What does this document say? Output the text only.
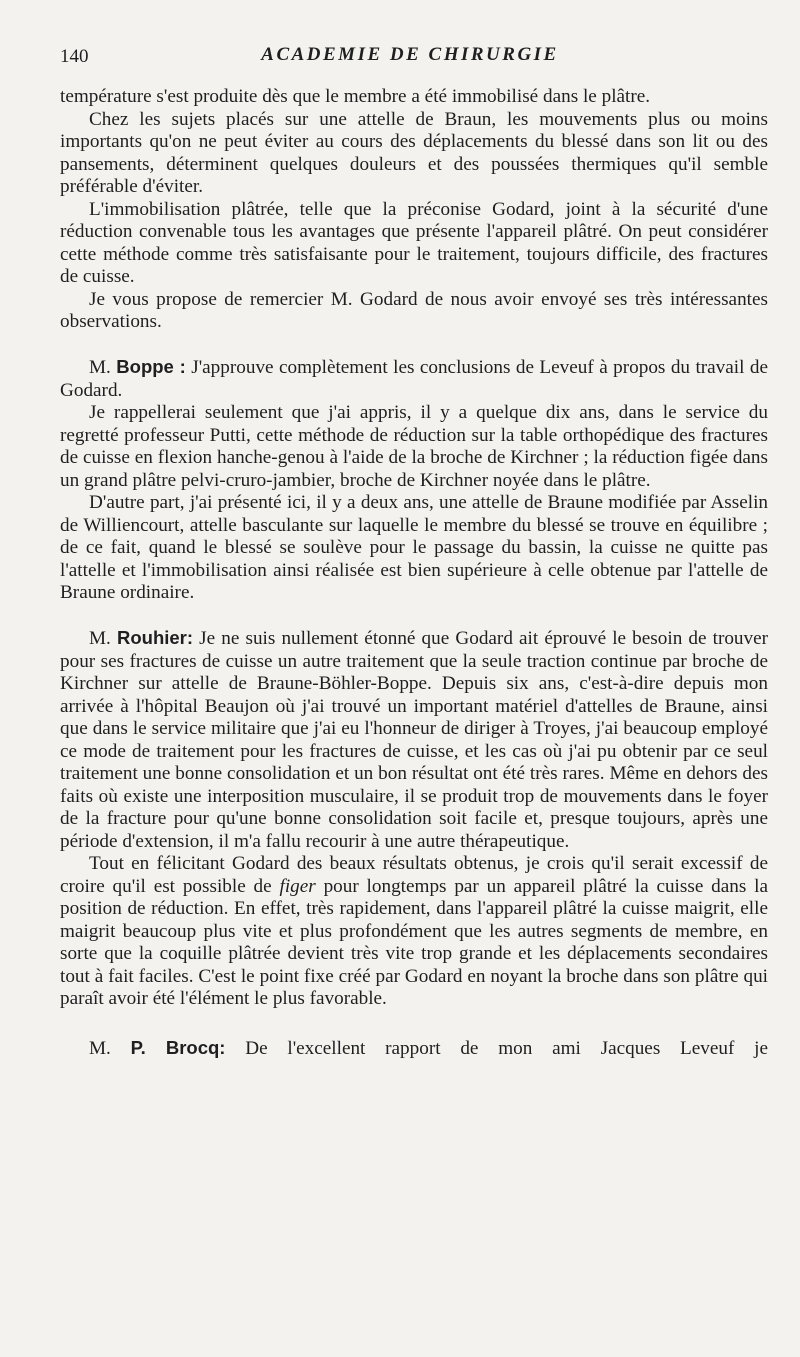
140	ACADEMIE DE CHIRURGIE

température s'est produite dès que le membre a été immobilisé dans le plâtre.

Chez les sujets placés sur une attelle de Braun, les mouvements plus ou moins importants qu'on ne peut éviter au cours des déplacements du blessé dans son lit ou des pansements, déterminent quelques douleurs et des poussées thermiques qu'il semble préférable d'éviter.

L'immobilisation plâtrée, telle que la préconise Godard, joint à la sécurité d'une réduction convenable tous les avantages que présente l'appareil plâtré. On peut considérer cette méthode comme très satisfaisante pour le traitement, toujours difficile, des fractures de cuisse.

Je vous propose de remercier M. Godard de nous avoir envoyé ses très intéressantes observations.

M. Boppe : J'approuve complètement les conclusions de Leveuf à propos du travail de Godard.

Je rappellerai seulement que j'ai appris, il y a quelque dix ans, dans le service du regretté professeur Putti, cette méthode de réduction sur la table orthopédique des fractures de cuisse en flexion hanche-genou à l'aide de la broche de Kirchner ; la réduction figée dans un grand plâtre pelvi-cruro-jambier, broche de Kirchner noyée dans le plâtre.

D'autre part, j'ai présenté ici, il y a deux ans, une attelle de Braune modifiée par Asselin de Williencourt, attelle basculante sur laquelle le membre du blessé se trouve en équilibre ; de ce fait, quand le blessé se soulève pour le passage du bassin, la cuisse ne quitte pas l'attelle et l'immobilisation ainsi réalisée est bien supérieure à celle obtenue par l'attelle de Braune ordinaire.

M. Rouhier: Je ne suis nullement étonné que Godard ait éprouvé le besoin de trouver pour ses fractures de cuisse un autre traitement que la seule traction continue par broche de Kirchner sur attelle de Braune-Böhler-Boppe. Depuis six ans, c'est-à-dire depuis mon arrivée à l'hôpital Beaujon où j'ai trouvé un important matériel d'attelles de Braune, ainsi que dans le service militaire que j'ai eu l'honneur de diriger à Troyes, j'ai beaucoup employé ce mode de traitement pour les fractures de cuisse, et les cas où j'ai pu obtenir par ce seul traitement une bonne consolidation et un bon résultat ont été très rares. Même en dehors des faits où existe une interposition musculaire, il se produit trop de mouvements dans le foyer de la fracture pour qu'une bonne consolidation soit facile et, presque toujours, après une période d'extension, il m'a fallu recourir à une autre thérapeutique.

Tout en félicitant Godard des beaux résultats obtenus, je crois qu'il serait excessif de croire qu'il est possible de figer pour longtemps par un appareil plâtré la cuisse dans la position de réduction. En effet, très rapidement, dans l'appareil plâtré la cuisse maigrit, elle maigrit beaucoup plus vite et plus profondément que les autres segments de membre, en sorte que la coquille plâtrée devient très vite trop grande et les déplacements secondaires tout à fait faciles. C'est le point fixe créé par Godard en noyant la broche dans son plâtre qui paraît avoir été l'élément le plus favorable.

M. P. Brocq: De l'excellent rapport de mon ami Jacques Leveuf je
